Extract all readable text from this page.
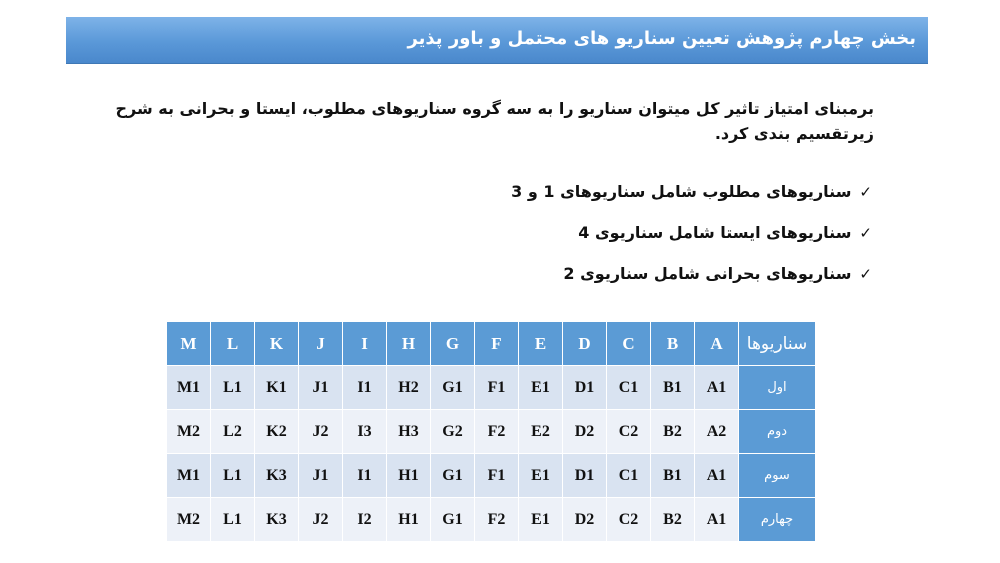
بخش چهارم پژوهش تعیین سناریو های محتمل و باور پذیر
برمبنای امتیاز تاثیر کل میتوان سناریو را به سه گروه سناریوهای مطلوب، ایستا و بحرانی به شرح زیرتقسیم بندی کرد.
✓
سناریوهای مطلوب شامل سناریوهای 1 و 3
✓
سناریوهای ایستا شامل سناریوی 4
✓
سناریوهای بحرانی شامل سناریوی 2
M	L	K	J	I	H	G	F	E	D	C	B	A	سناریوها
M1	L1	K1	J1	I1	H2	G1	F1	E1	D1	C1	B1	A1	اول
M2	L2	K2	J2	I3	H3	G2	F2	E2	D2	C2	B2	A2	دوم
M1	L1	K3	J1	I1	H1	G1	F1	E1	D1	C1	B1	A1	سوم
M2	L1	K3	J2	I2	H1	G1	F2	E1	D2	C2	B2	A1	چهارم
